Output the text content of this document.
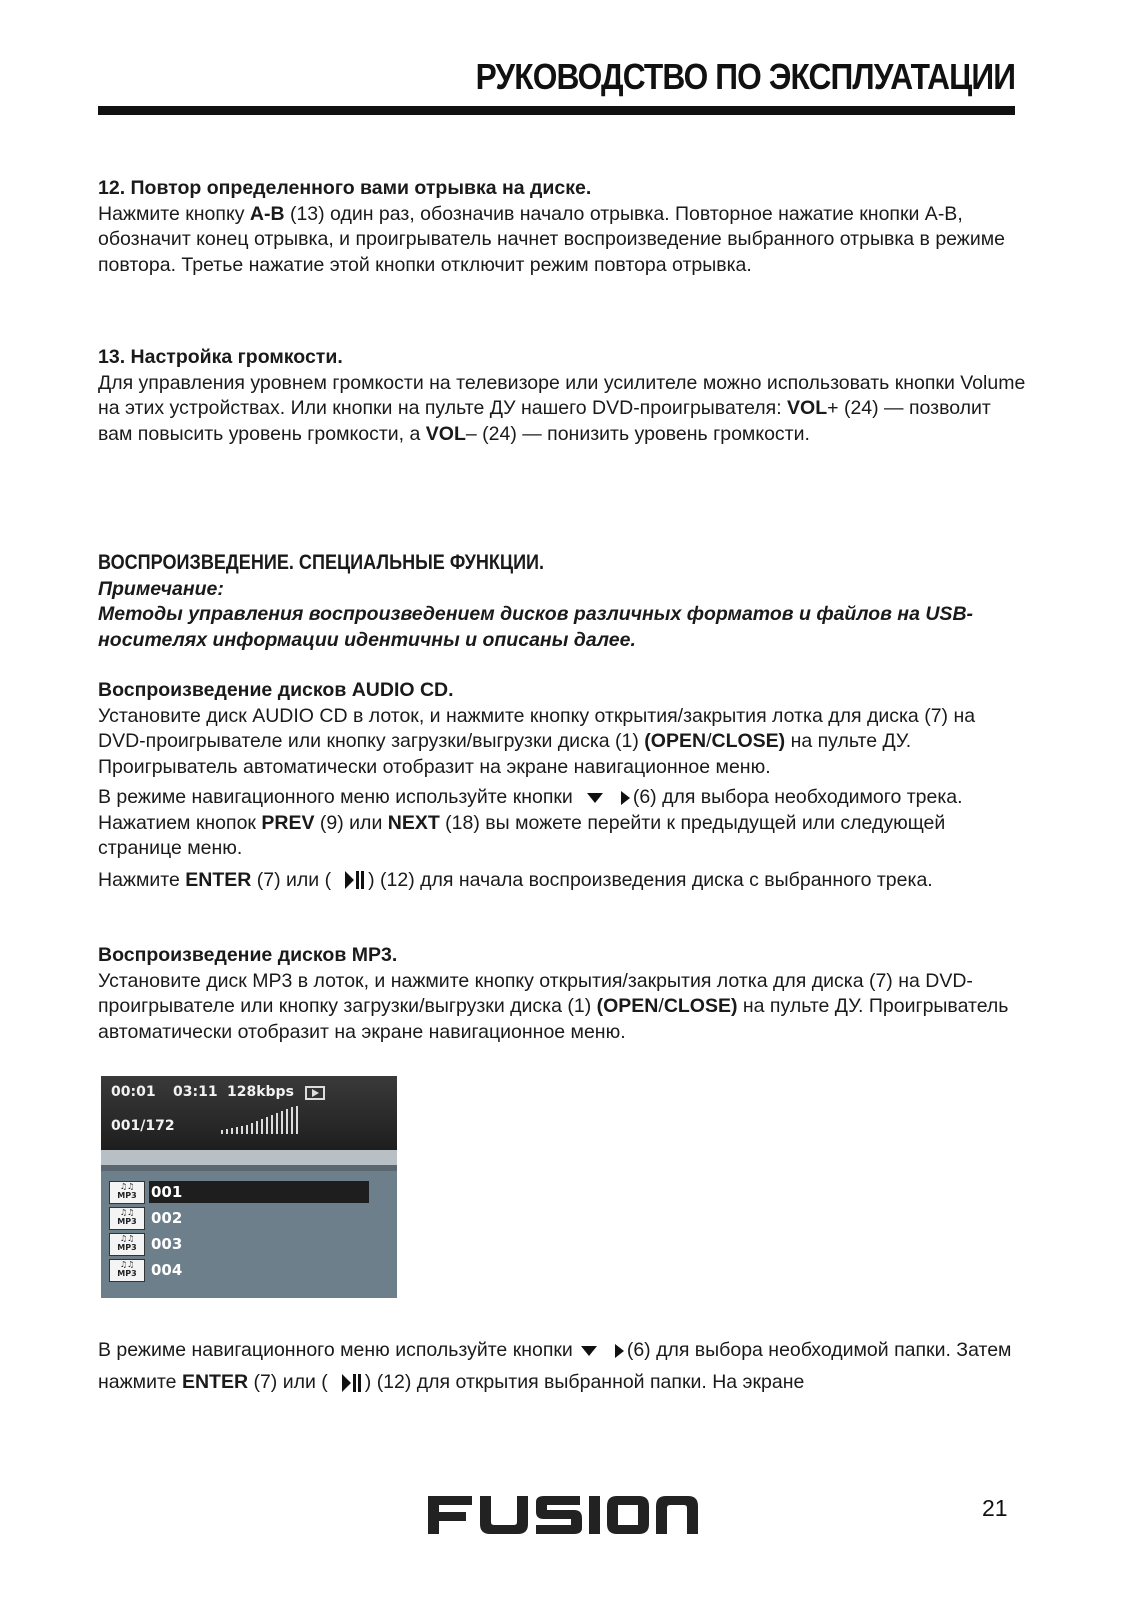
РУКОВОДСТВО ПО ЭКСПЛУАТАЦИИ

12. Повтор определенного вами отрывка на диске.

Нажмите кнопку A-B (13) один раз, обозначив начало отрывка. Повторное нажатие кнопки A-B, обозначит конец отрывка, и проигрыватель начнет воспроизведение выбранного отрывка в режиме повтора. Третье нажатие этой кнопки отключит режим повтора отрывка.

13. Настройка громкости.

Для управления уровнем громкости на телевизоре или усилителе можно использовать кнопки Volume на этих устройствах. Или кнопки на пульте ДУ нашего DVD-проигрывателя: VOL+ (24) — позволит вам повысить уровень громкости, а VOL– (24) — понизить уровень громкости.

ВОСПРОИЗВЕДЕНИЕ. СПЕЦИАЛЬНЫЕ ФУНКЦИИ.

Примечание:

Методы управления воспроизведением дисков различных форматов и файлов на USB-носителях информации идентичны и описаны далее.

Воспроизведение дисков AUDIO CD.

Установите диск AUDIO CD в лоток, и нажмите кнопку открытия/закрытия лотка для диска (7) на DVD-проигрывателе или кнопку загрузки/выгрузки диска (1) (OPEN/CLOSE) на пульте ДУ. Проигрыватель автоматически отобразит на экране навигационное меню.

В режиме навигационного меню используйте кнопки	(6) для выбора необходимого трека.

Нажатием кнопок PREV (9) или NEXT (18) вы можете перейти к предыдущей или следующей странице меню.

Нажмите ENTER (7) или ( ) (12) для начала воспроизведения диска с выбранного трека.

Воспроизведение дисков МР3.

Установите диск МР3 в лоток, и нажмите кнопку открытия/закрытия лотка для диска (7) на DVD-проигрывателе или кнопку загрузки/выгрузки диска (1) (OPEN/CLOSE) на пульте ДУ. Проигрыватель автоматически отобразит на экране навигационное меню.

00:01 03:11 128kbps
001/172
♫♫
MP3 001
♫♫
MP3 002
♫♫
MP3 003
♫♫
MP3 004

В режиме навигационного меню используйте кнопки	(6) для выбора необходимой папки. Затем нажмите ENTER (7) или ( ) (12) для открытия выбранной папки. На экране

21
